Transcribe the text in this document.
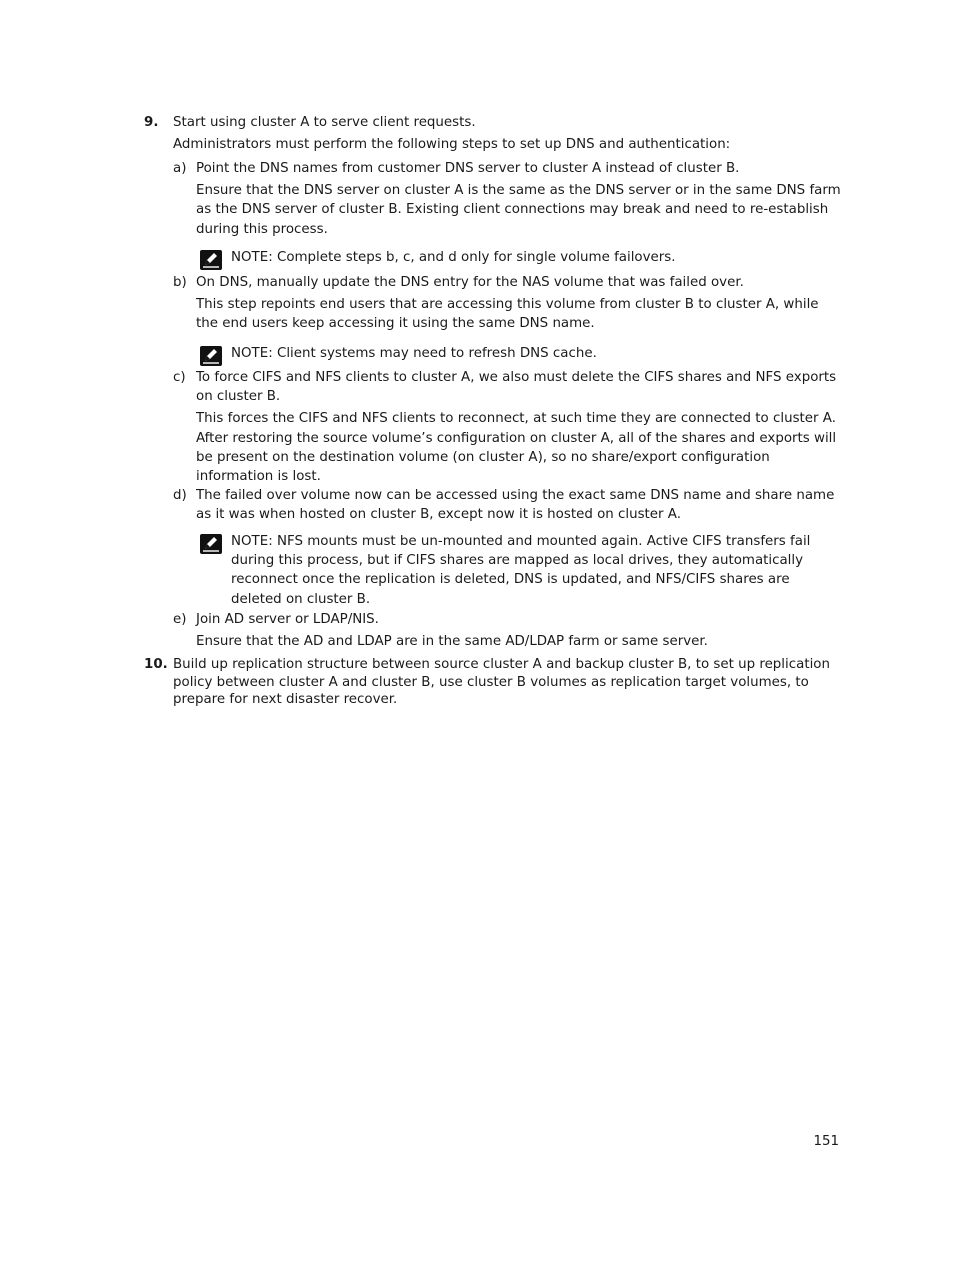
9. Start using cluster A to serve client requests.

Administrators must perform the following steps to set up DNS and authentication:

a) Point the DNS names from customer DNS server to cluster A instead of cluster B.

Ensure that the DNS server on cluster A is the same as the DNS server or in the same DNS farm as the DNS server of cluster B. Existing client connections may break and need to re-establish during this process.

NOTE: Complete steps b, c, and d only for single volume failovers.
b) On DNS, manually update the DNS entry for the NAS volume that was failed over.

This step repoints end users that are accessing this volume from cluster B to cluster A, while the end users keep accessing it using the same DNS name.

NOTE: Client systems may need to refresh DNS cache.
c) To force CIFS and NFS clients to cluster A, we also must delete the CIFS shares and NFS exports on cluster B.

This forces the CIFS and NFS clients to reconnect, at such time they are connected to cluster A. After restoring the source volume’s configuration on cluster A, all of the shares and exports will be present on the destination volume (on cluster A), so no share/export configuration information is lost.

d) The failed over volume now can be accessed using the exact same DNS name and share name as it was when hosted on cluster B, except now it is hosted on cluster A.

NOTE: NFS mounts must be un-mounted and mounted again. Active CIFS transfers fail during this process, but if CIFS shares are mapped as local drives, they automatically reconnect once the replication is deleted, DNS is updated, and NFS/CIFS shares are deleted on cluster B.
e) Join AD server or LDAP/NIS.

Ensure that the AD and LDAP are in the same AD/LDAP farm or same server.

10. Build up replication structure between source cluster A and backup cluster B, to set up replication policy between cluster A and cluster B, use cluster B volumes as replication target volumes, to prepare for next disaster recover.

151
